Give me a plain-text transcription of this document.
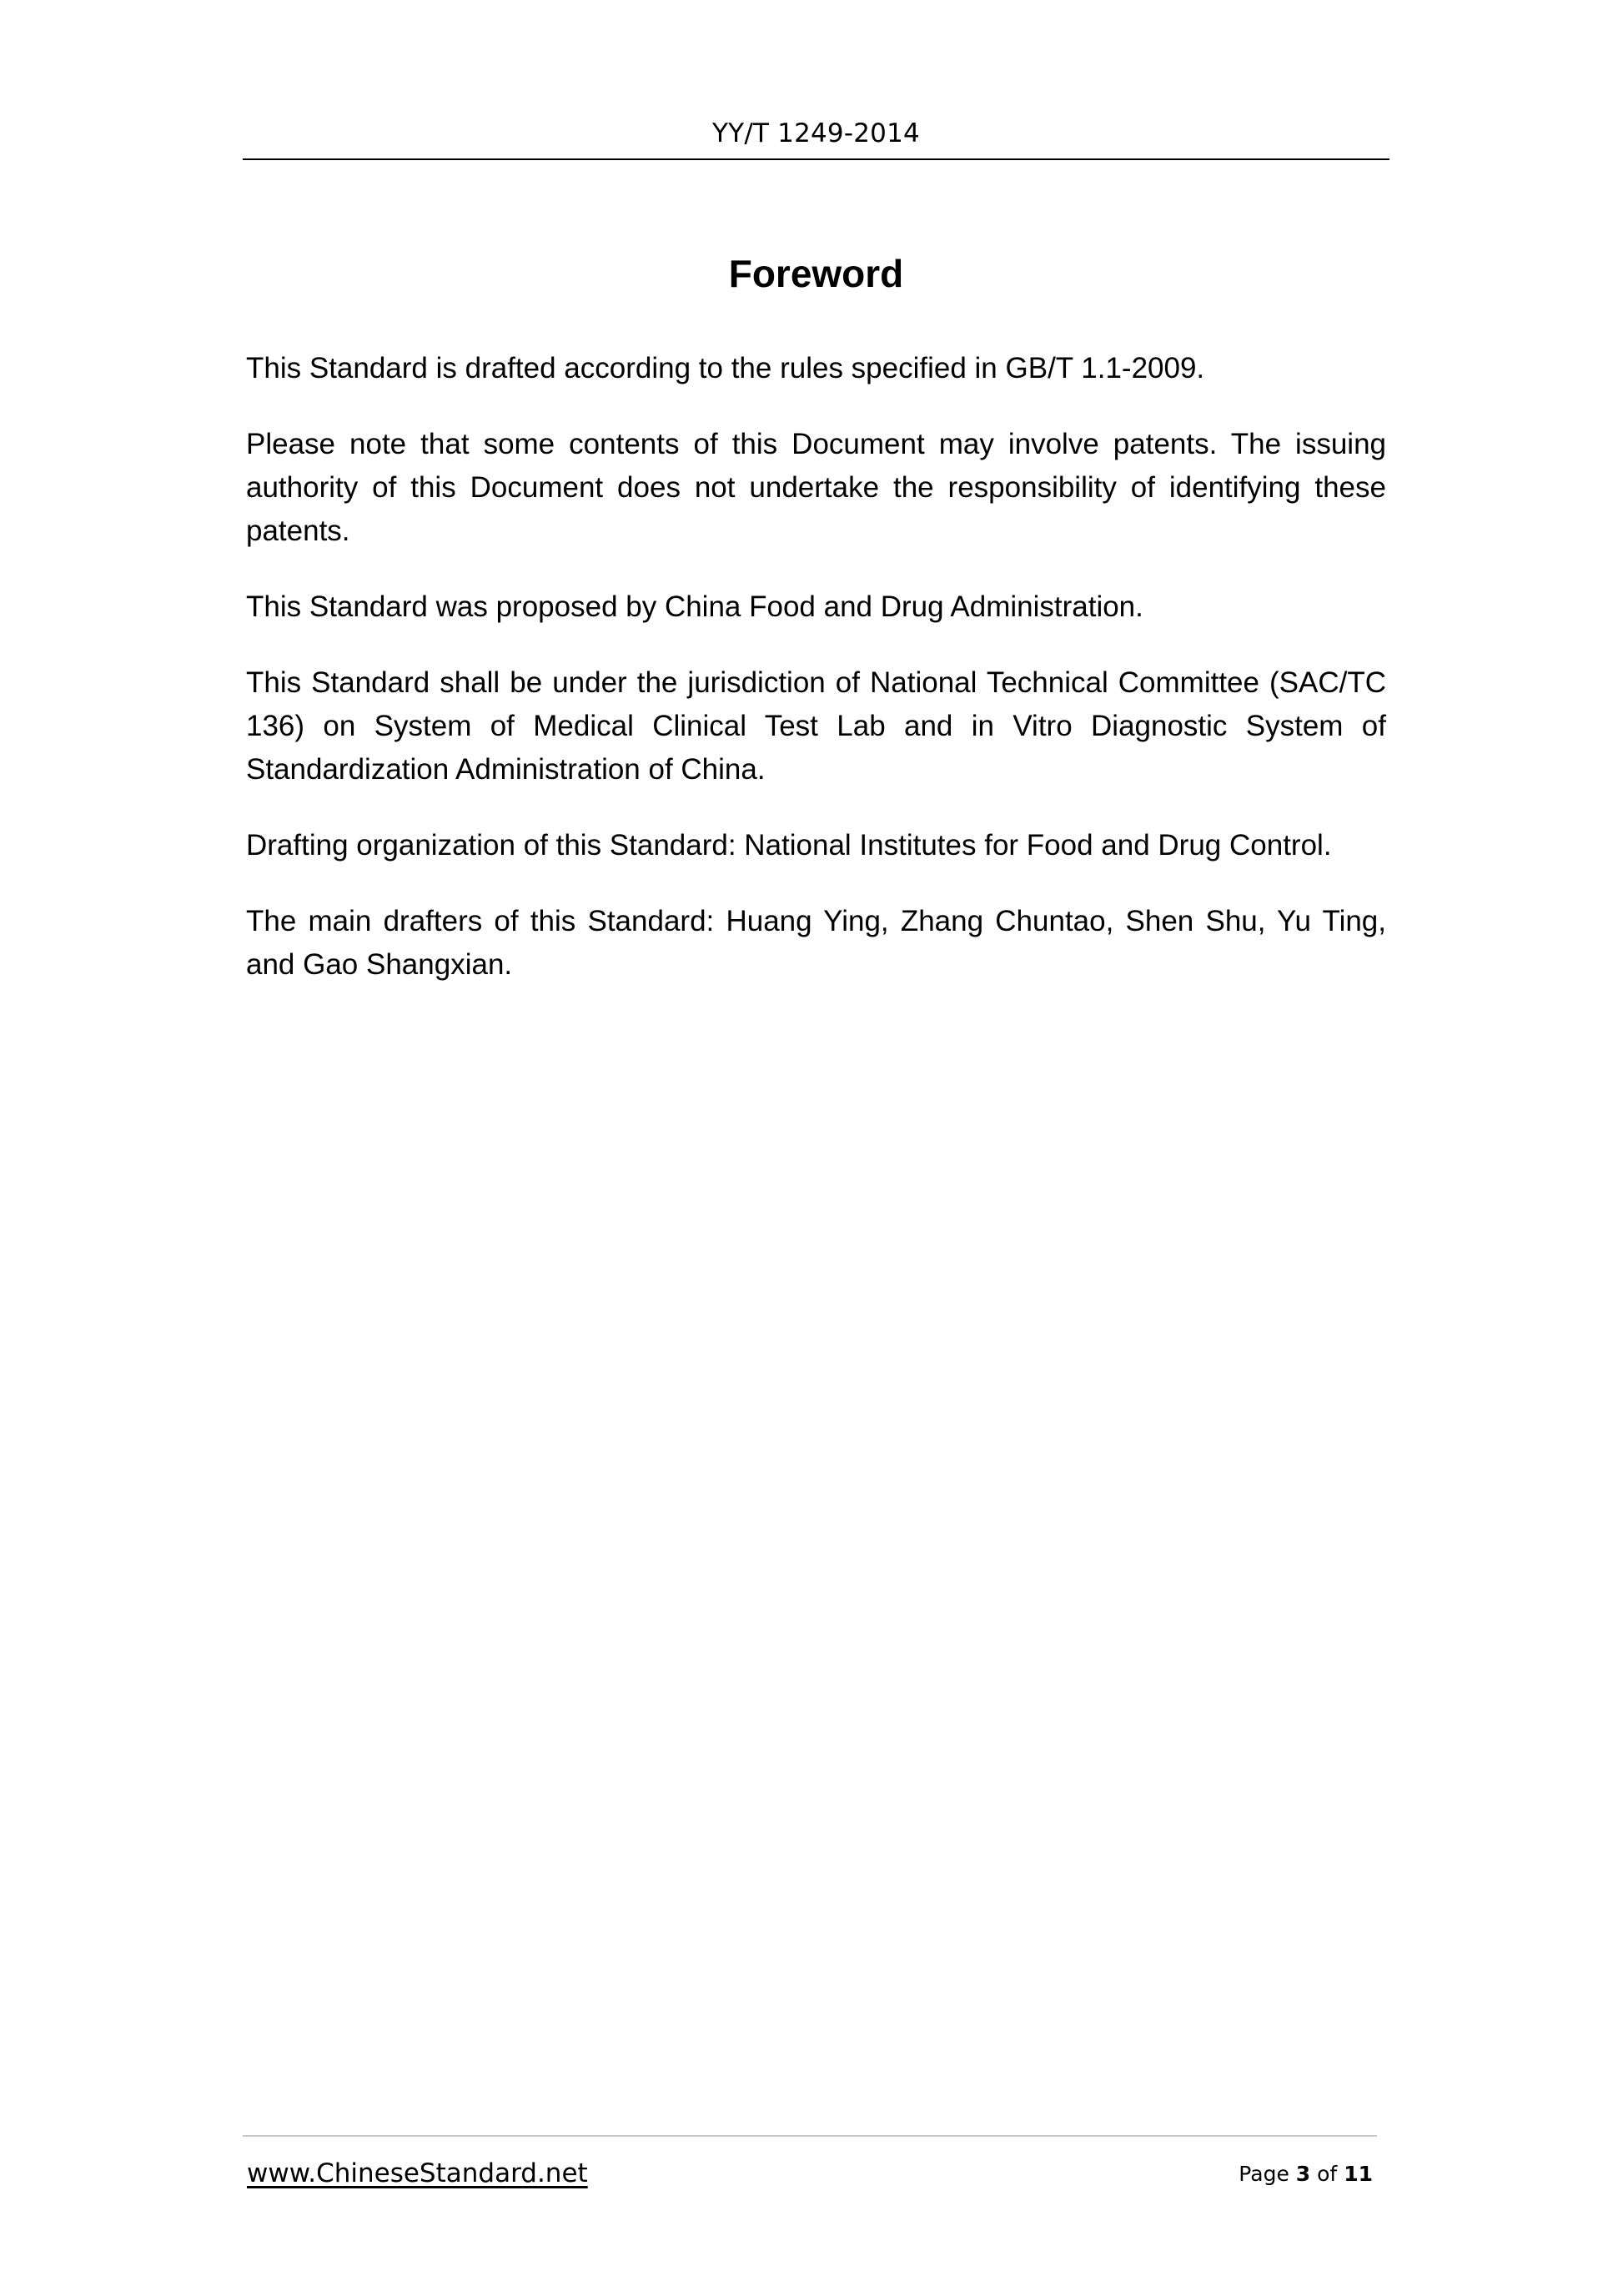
YY/T 1249-2014
Foreword

This Standard is drafted according to the rules specified in GB/T 1.1-2009.

Please note that some contents of this Document may involve patents. The issuing authority of this Document does not undertake the responsibility of identifying these patents.

This Standard was proposed by China Food and Drug Administration.

This Standard shall be under the jurisdiction of National Technical Committee (SAC/TC 136) on System of Medical Clinical Test Lab and in Vitro Diagnostic System of Standardization Administration of China.

Drafting organization of this Standard: National Institutes for Food and Drug Control.

The main drafters of this Standard: Huang Ying, Zhang Chuntao, Shen Shu, Yu Ting, and Gao Shangxian.

www.ChineseStandard.net	Page 3 of 11
